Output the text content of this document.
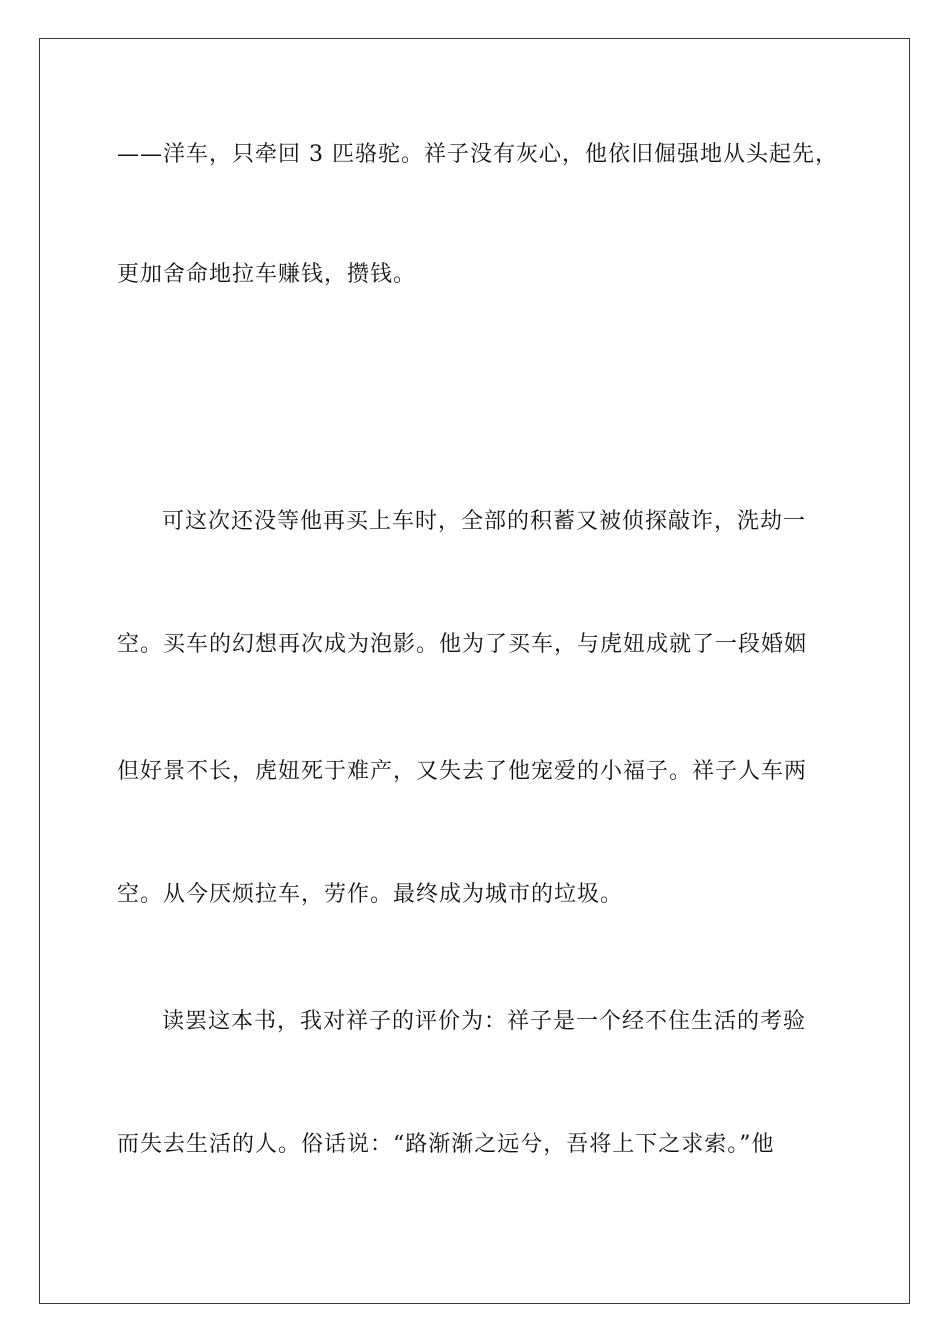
——洋车，只牵回 3 匹骆驼。祥子没有灰心，他依旧倔强地从头起先，
更加舍命地拉车赚钱，攒钱。
可这次还没等他再买上车时，全部的积蓄又被侦探敲诈，洗劫一
空。买车的幻想再次成为泡影。他为了买车，与虎妞成就了一段婚姻
但好景不长，虎妞死于难产，又失去了他宠爱的小福子。祥子人车两
空。从今厌烦拉车，劳作。最终成为城市的垃圾。
读罢这本书，我对祥子的评价为：祥子是一个经不住生活的考验
而失去生活的人。俗话说：“路渐渐之远兮，吾将上下之求索。”他
